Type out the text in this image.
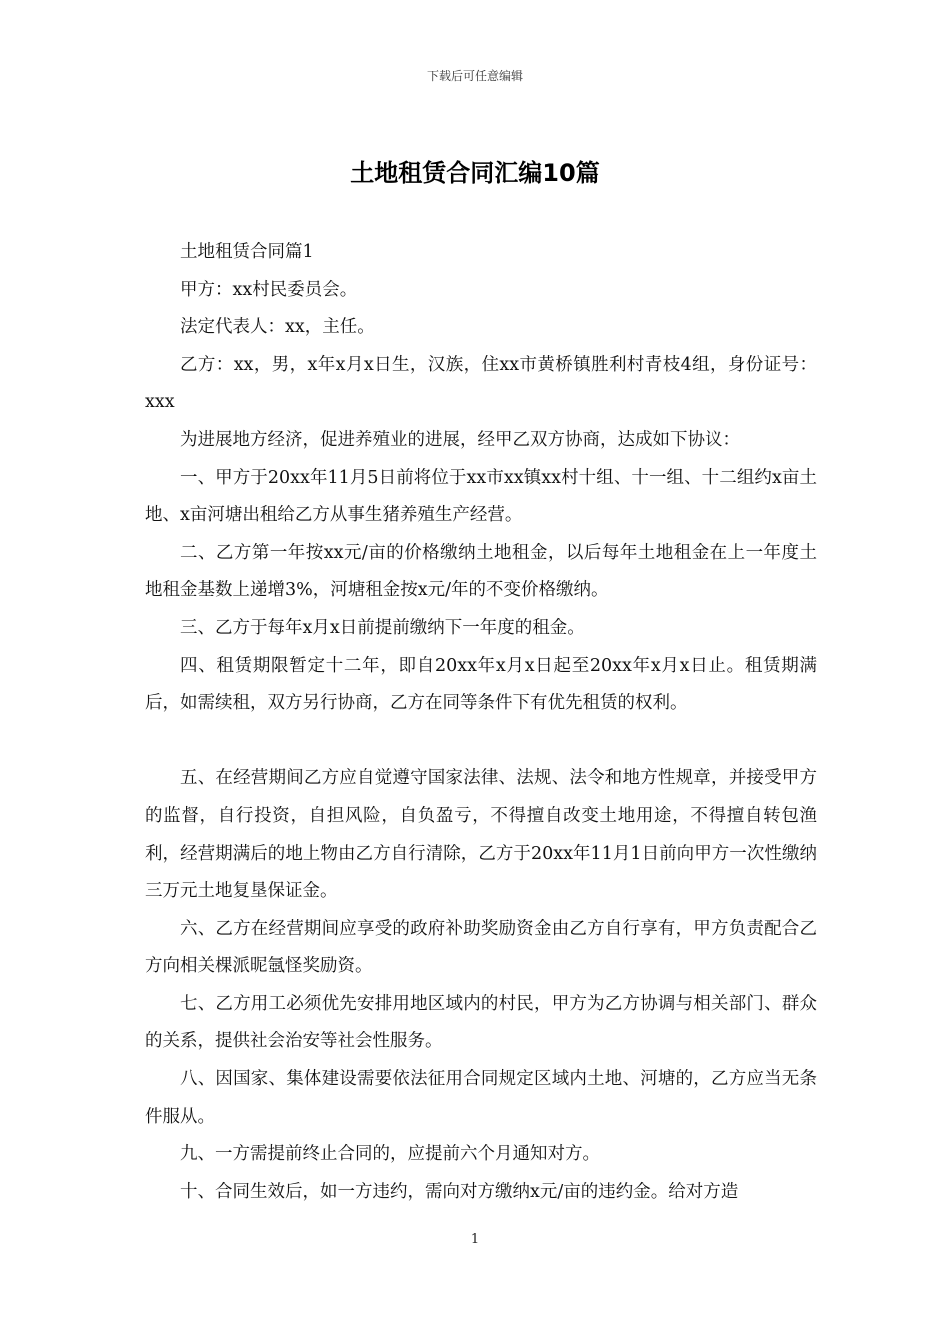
下载后可任意编辑
土地租赁合同汇编10篇

土地租赁合同篇1

甲方：xx村民委员会。

法定代表人：xx，主任。

乙方：xx，男，x年x月x日生，汉族，住xx市黄桥镇胜利村青枝4组，身份证号：xxx

为进展地方经济，促进养殖业的进展，经甲乙双方协商，达成如下协议：

一、甲方于20xx年11月5日前将位于xx市xx镇xx村十组、十一组、十二组约x亩土地、x亩河塘出租给乙方从事生猪养殖生产经营。

二、乙方第一年按xx元/亩的价格缴纳土地租金，以后每年土地租金在上一年度土地租金基数上递增3%，河塘租金按x元/年的不变价格缴纳。

三、乙方于每年x月x日前提前缴纳下一年度的租金。

四、租赁期限暂定十二年，即自20xx年x月x日起至20xx年x月x日止。租赁期满后，如需续租，双方另行协商，乙方在同等条件下有优先租赁的权利。

五、在经营期间乙方应自觉遵守国家法律、法规、法令和地方性规章，并接受甲方的监督，自行投资，自担风险，自负盈亏，不得擅自改变土地用途，不得擅自转包渔利，经营期满后的地上物由乙方自行清除，乙方于20xx年11月1日前向甲方一次性缴纳三万元土地复垦保证金。

六、乙方在经营期间应享受的政府补助奖励资金由乙方自行享有，甲方负责配合乙方向相关棵派昵氬怪奖励资。

七、乙方用工必须优先安排用地区域内的村民，甲方为乙方协调与相关部门、群众的关系，提供社会治安等社会性服务。

八、因国家、集体建设需要依法征用合同规定区域内土地、河塘的，乙方应当无条件服从。

九、一方需提前终止合同的，应提前六个月通知对方。

十、合同生效后，如一方违约，需向对方缴纳x元/亩的违约金。给对方造

1
